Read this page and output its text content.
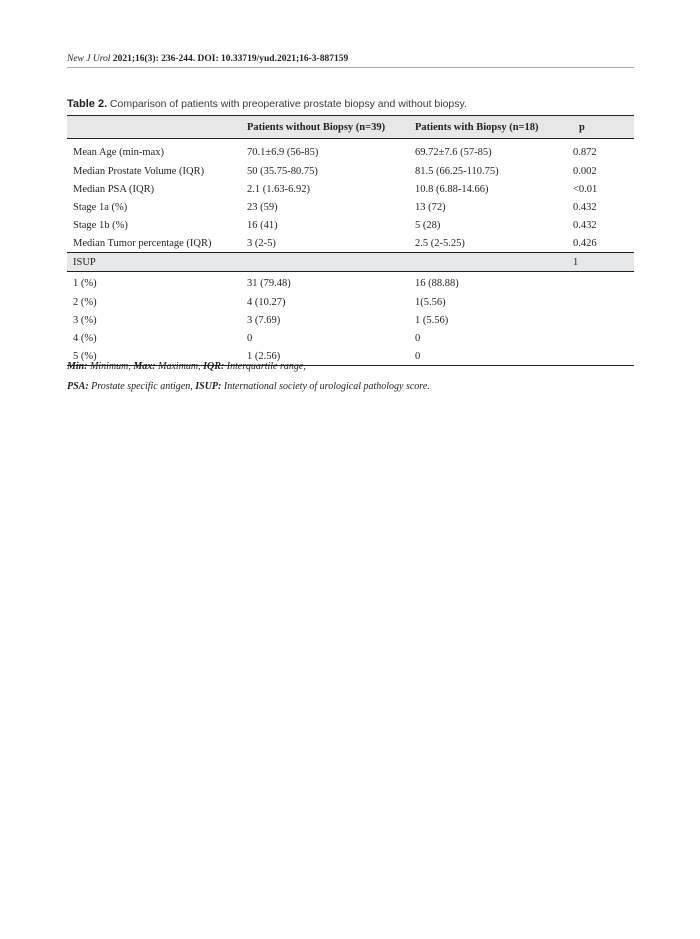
New J Urol 2021;16(3): 236-244. DOI: 10.33719/yud.2021;16-3-887159
Table 2. Comparison of patients with preoperative prostate biopsy and without biopsy.
	Patients without Biopsy (n=39)	Patients with Biopsy (n=18)	p
Mean Age (min-max)	70.1±6.9 (56-85)	69.72±7.6 (57-85)	0.872
Median Prostate Volume (IQR)	50 (35.75-80.75)	81.5 (66.25-110.75)	0.002
Median PSA (IQR)	2.1 (1.63-6.92)	10.8 (6.88-14.66)	<0.01
Stage 1a (%)	23 (59)	13 (72)	0.432
Stage 1b (%)	16 (41)	5 (28)	0.432
Median Tumor percentage (IQR)	3 (2-5)	2.5 (2-5.25)	0.426
ISUP			1
1 (%)	31 (79.48)	16 (88.88)	
2 (%)	4 (10.27)	1(5.56)	
3 (%)	3 (7.69)	1 (5.56)	
4 (%)	0	0	
5 (%)	1 (2.56)	0	
Min: Minimum, Max: Maximum, IQR: Interquartile range,
PSA: Prostate specific antigen, ISUP: International society of urological pathology score.
